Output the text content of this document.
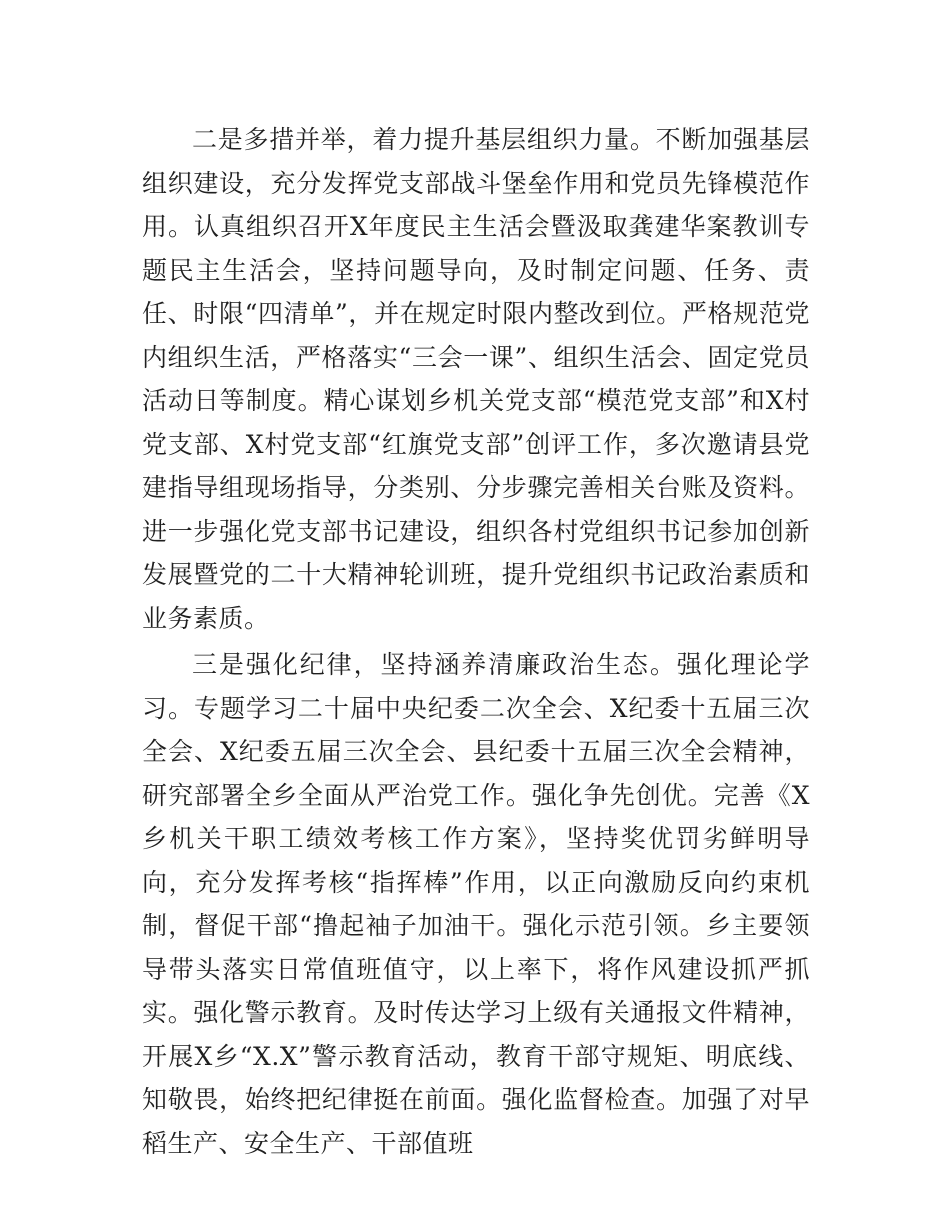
二是多措并举，着力提升基层组织力量。不断加强基层组织建设，充分发挥党支部战斗堡垒作用和党员先锋模范作用。认真组织召开X年度民主生活会暨汲取龚建华案教训专题民主生活会，坚持问题导向，及时制定问题、任务、责任、时限“四清单”，并在规定时限内整改到位。严格规范党内组织生活，严格落实“三会一课”、组织生活会、固定党员活动日等制度。精心谋划乡机关党支部“模范党支部”和X村党支部、X村党支部“红旗党支部”创评工作，多次邀请县党建指导组现场指导，分类别、分步骤完善相关台账及资料。进一步强化党支部书记建设，组织各村党组织书记参加创新发展暨党的二十大精神轮训班，提升党组织书记政治素质和业务素质。

三是强化纪律，坚持涵养清廉政治生态。强化理论学习。专题学习二十届中央纪委二次全会、X纪委十五届三次全会、X纪委五届三次全会、县纪委十五届三次全会精神，研究部署全乡全面从严治党工作。强化争先创优。完善《X乡机关干职工绩效考核工作方案》，坚持奖优罚劣鲜明导向，充分发挥考核“指挥棒”作用，以正向激励反向约束机制，督促干部“撸起袖子加油干。强化示范引领。乡主要领导带头落实日常值班值守，以上率下，将作风建设抓严抓实。强化警示教育。及时传达学习上级有关通报文件精神，开展X乡“X.X”警示教育活动，教育干部守规矩、明底线、知敬畏，始终把纪律挺在前面。强化监督检查。加强了对早稻生产、安全生产、干部值班
